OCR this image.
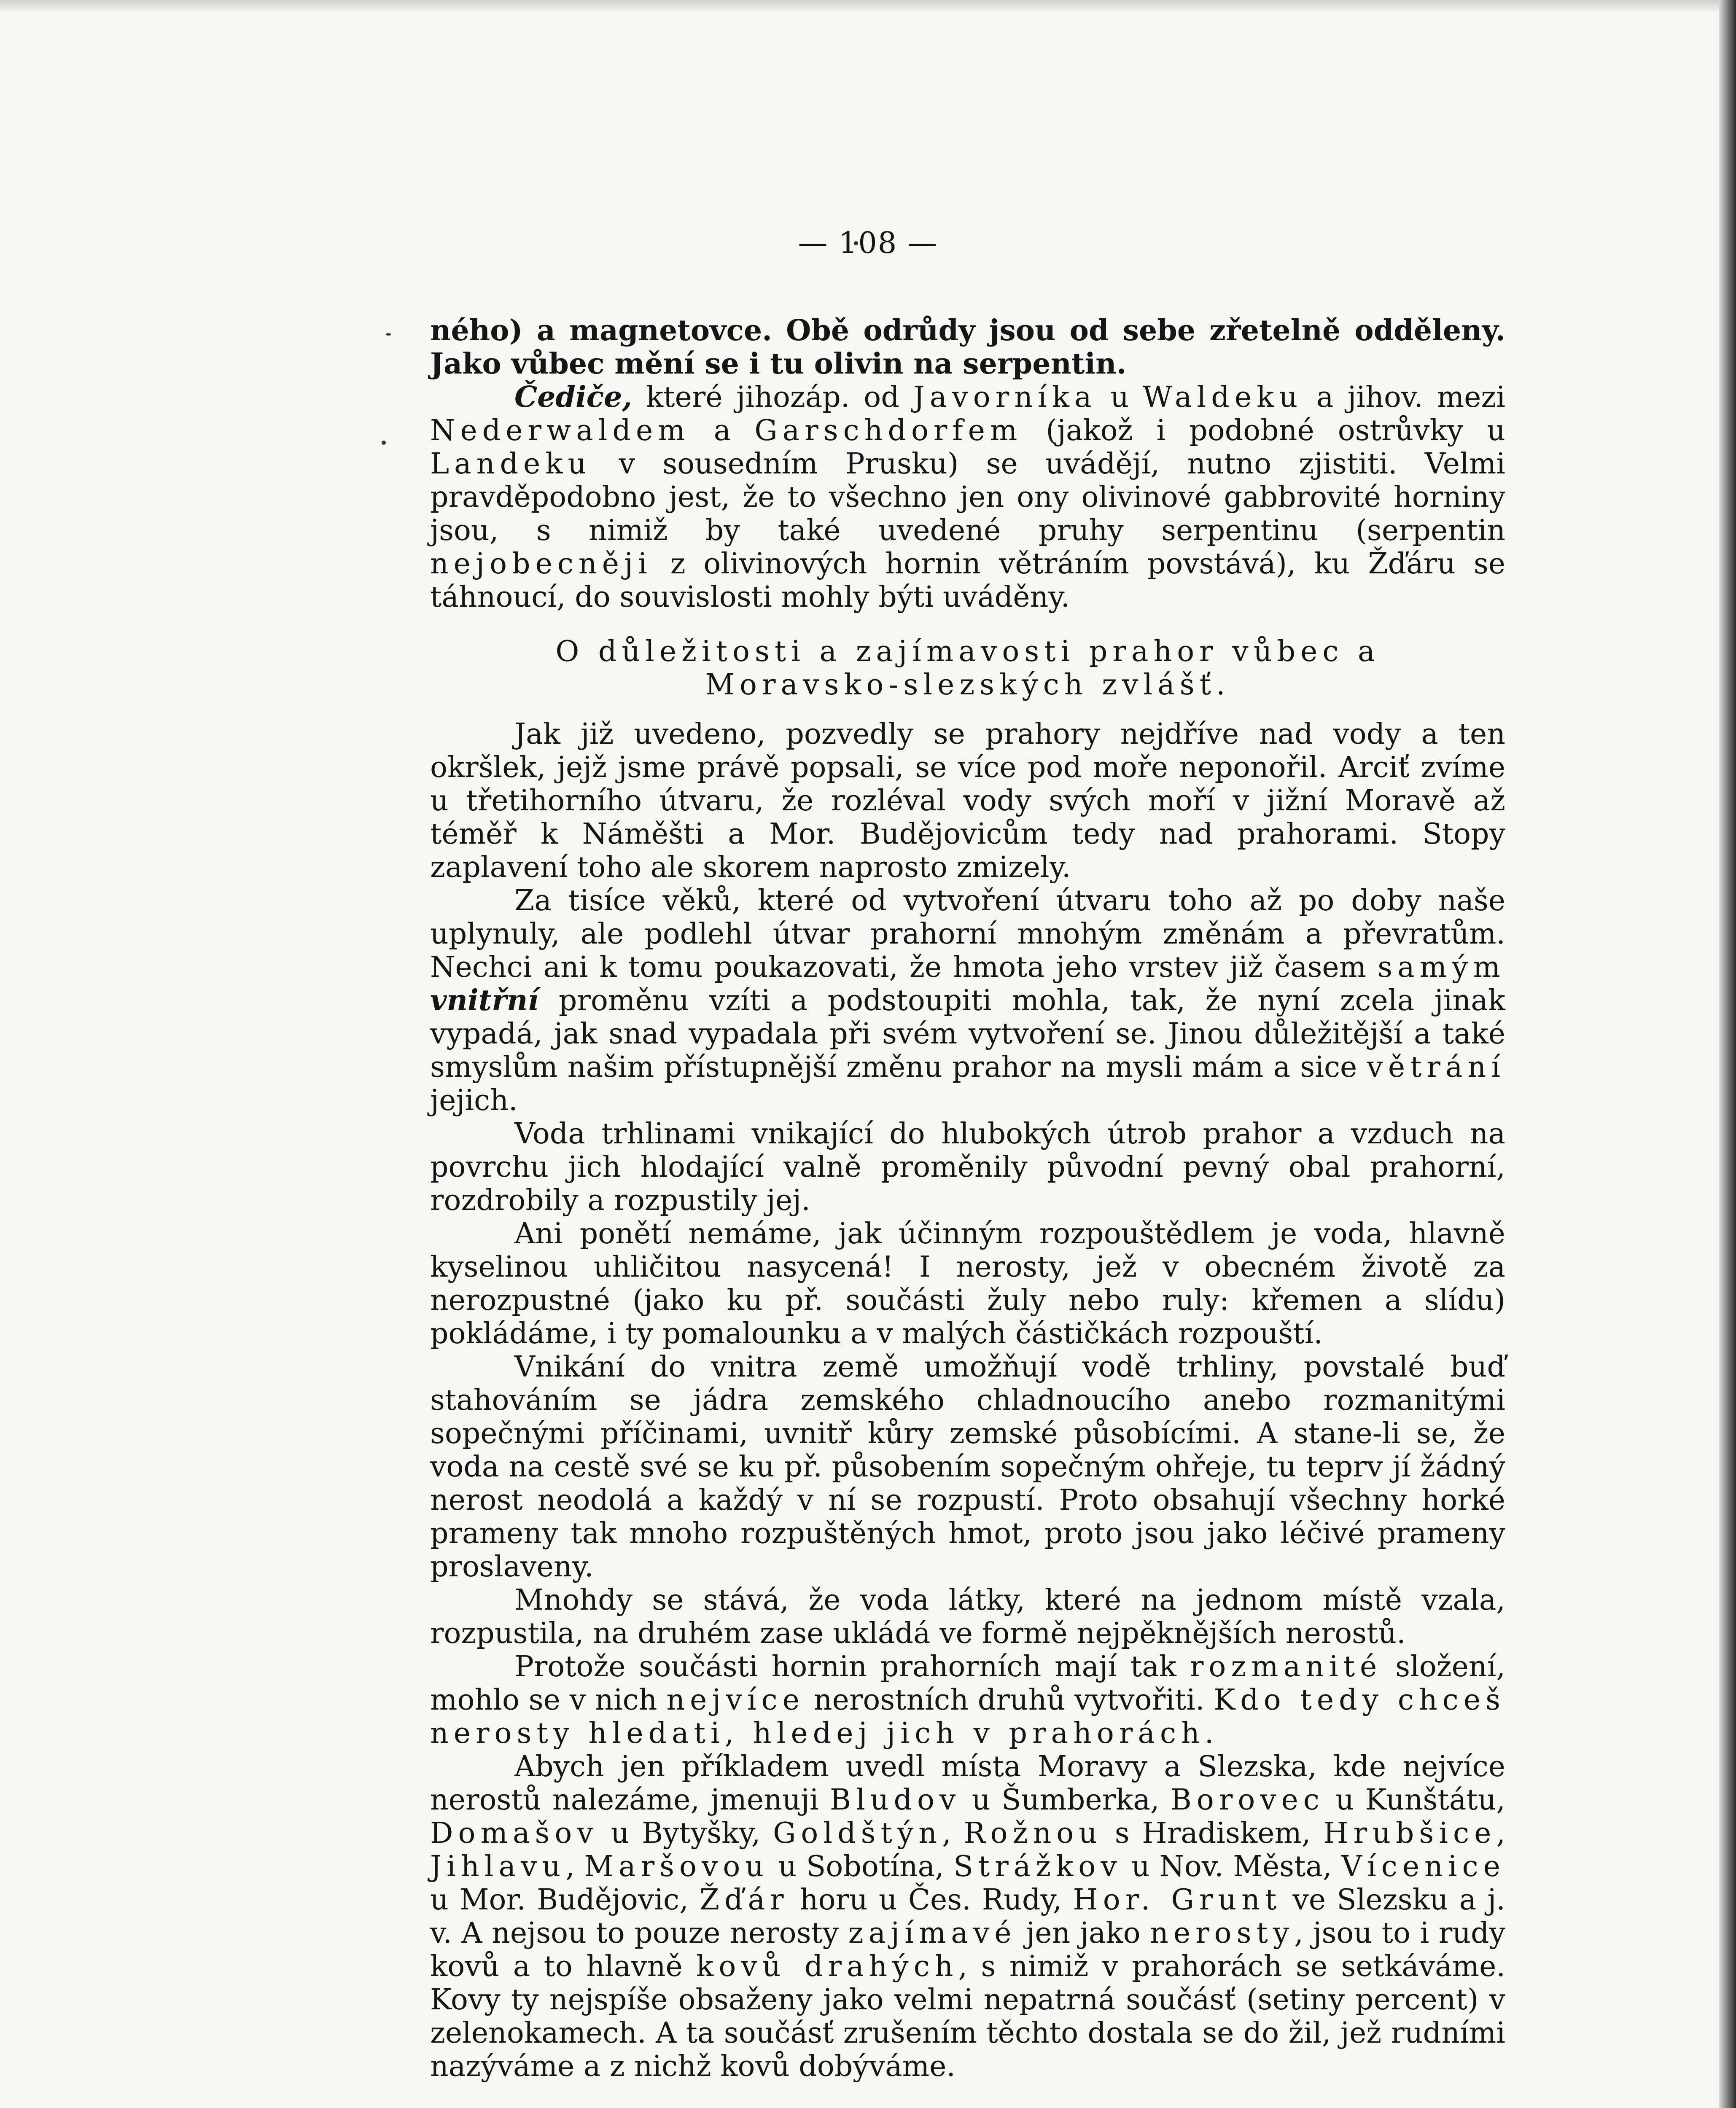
— 108 —

ného) a magnetovce. Obě odrůdy jsou od sebe zřetelně odděleny. Jako vůbec mění se i tu olivin na serpentin.

Čediče, které jihozáp. od Javorníka u Waldeku a jihov. mezi Nederwaldem a Garschdorfem (jakož i podobné ostrůvky u Landeku v sousedním Prusku) se uvádějí, nutno zjistiti. Velmi pravděpodobno jest, že to všechno jen ony olivinové gabbrovité horniny jsou, s nimiž by také uvedené pruhy serpentinu (serpentin nejobecněji z olivinových hornin větráním povstává), ku Žďáru se táhnoucí, do souvislosti mohly býti uváděny.

O důležitosti a zajímavosti prahor vůbec a Moravsko-slezských zvlášť.

Jak již uvedeno, pozvedly se prahory nejdříve nad vody a ten okršlek, jejž jsme právě popsali, se více pod moře neponořil. Arciť zvíme u třetihorního útvaru, že rozléval vody svých moří v jižní Moravě až téměř k Náměšti a Mor. Budějovicům tedy nad prahorami. Stopy zaplavení toho ale skorem naprosto zmizely.

Za tisíce věků, které od vytvoření útvaru toho až po doby naše uplynuly, ale podlehl útvar prahorní mnohým změnám a převratům. Nechci ani k tomu poukazovati, že hmota jeho vrstev již časem samým vnitřní proměnu vzíti a podstoupiti mohla, tak, že nyní zcela jinak vypadá, jak snad vypadala při svém vytvoření se. Jinou důležitější a také smyslům našim přístupnější změnu prahor na mysli mám a sice větrání jejich.

Voda trhlinami vnikající do hlubokých útrob prahor a vzduch na povrchu jich hlodající valně proměnily původní pevný obal prahorní, rozdrobily a rozpustily jej.

Ani ponětí nemáme, jak účinným rozpouštědlem je voda, hlavně kyselinou uhličitou nasycená! I nerosty, jež v obecném životě za nerozpustné (jako ku př. součásti žuly nebo ruly: křemen a slídu) pokládáme, i ty pomalounku a v malých částičkách rozpouští.

Vnikání do vnitra země umožňují vodě trhliny, povstalé buď stahováním se jádra zemského chladnoucího anebo rozmanitými sopečnými příčinami, uvnitř kůry zemské působícími. A stane-li se, že voda na cestě své se ku př. působením sopečným ohřeje, tu teprv jí žádný nerost neodolá a každý v ní se rozpustí. Proto obsahují všechny horké prameny tak mnoho rozpuštěných hmot, proto jsou jako léčivé prameny proslaveny.

Mnohdy se stává, že voda látky, které na jednom místě vzala, rozpustila, na druhém zase ukládá ve formě nejpěknějších nerostů.

Protože součásti hornin prahorních mají tak rozmanité složení, mohlo se v nich nejvíce nerostních druhů vytvořiti. Kdo tedy chceš nerosty hledati, hledej jich v prahorách.

Abych jen příkladem uvedl místa Moravy a Slezska, kde nejvíce nerostů nalezáme, jmenuji Bludov u Šumberka, Borovec u Kunštátu, Domašov u Bytyšky, Goldštýn, Rožnou s Hradiskem, Hrubšice, Jihlavu, Maršovou u Sobotína, Strážkov u Nov. Města, Vícenice u Mor. Budějovic, Žďár horu u Čes. Rudy, Hor. Grunt ve Slezsku a j. v. A nejsou to pouze nerosty zajímavé jen jako nerosty, jsou to i rudy kovů a to hlavně kovů drahých, s nimiž v prahorách se setkáváme. Kovy ty nejspíše obsaženy jako velmi nepatrná součásť (setiny percent) v zelenokamech. A ta součásť zrušením těchto dostala se do žil, jež rudními nazýváme a z nichž kovů dobýváme.
